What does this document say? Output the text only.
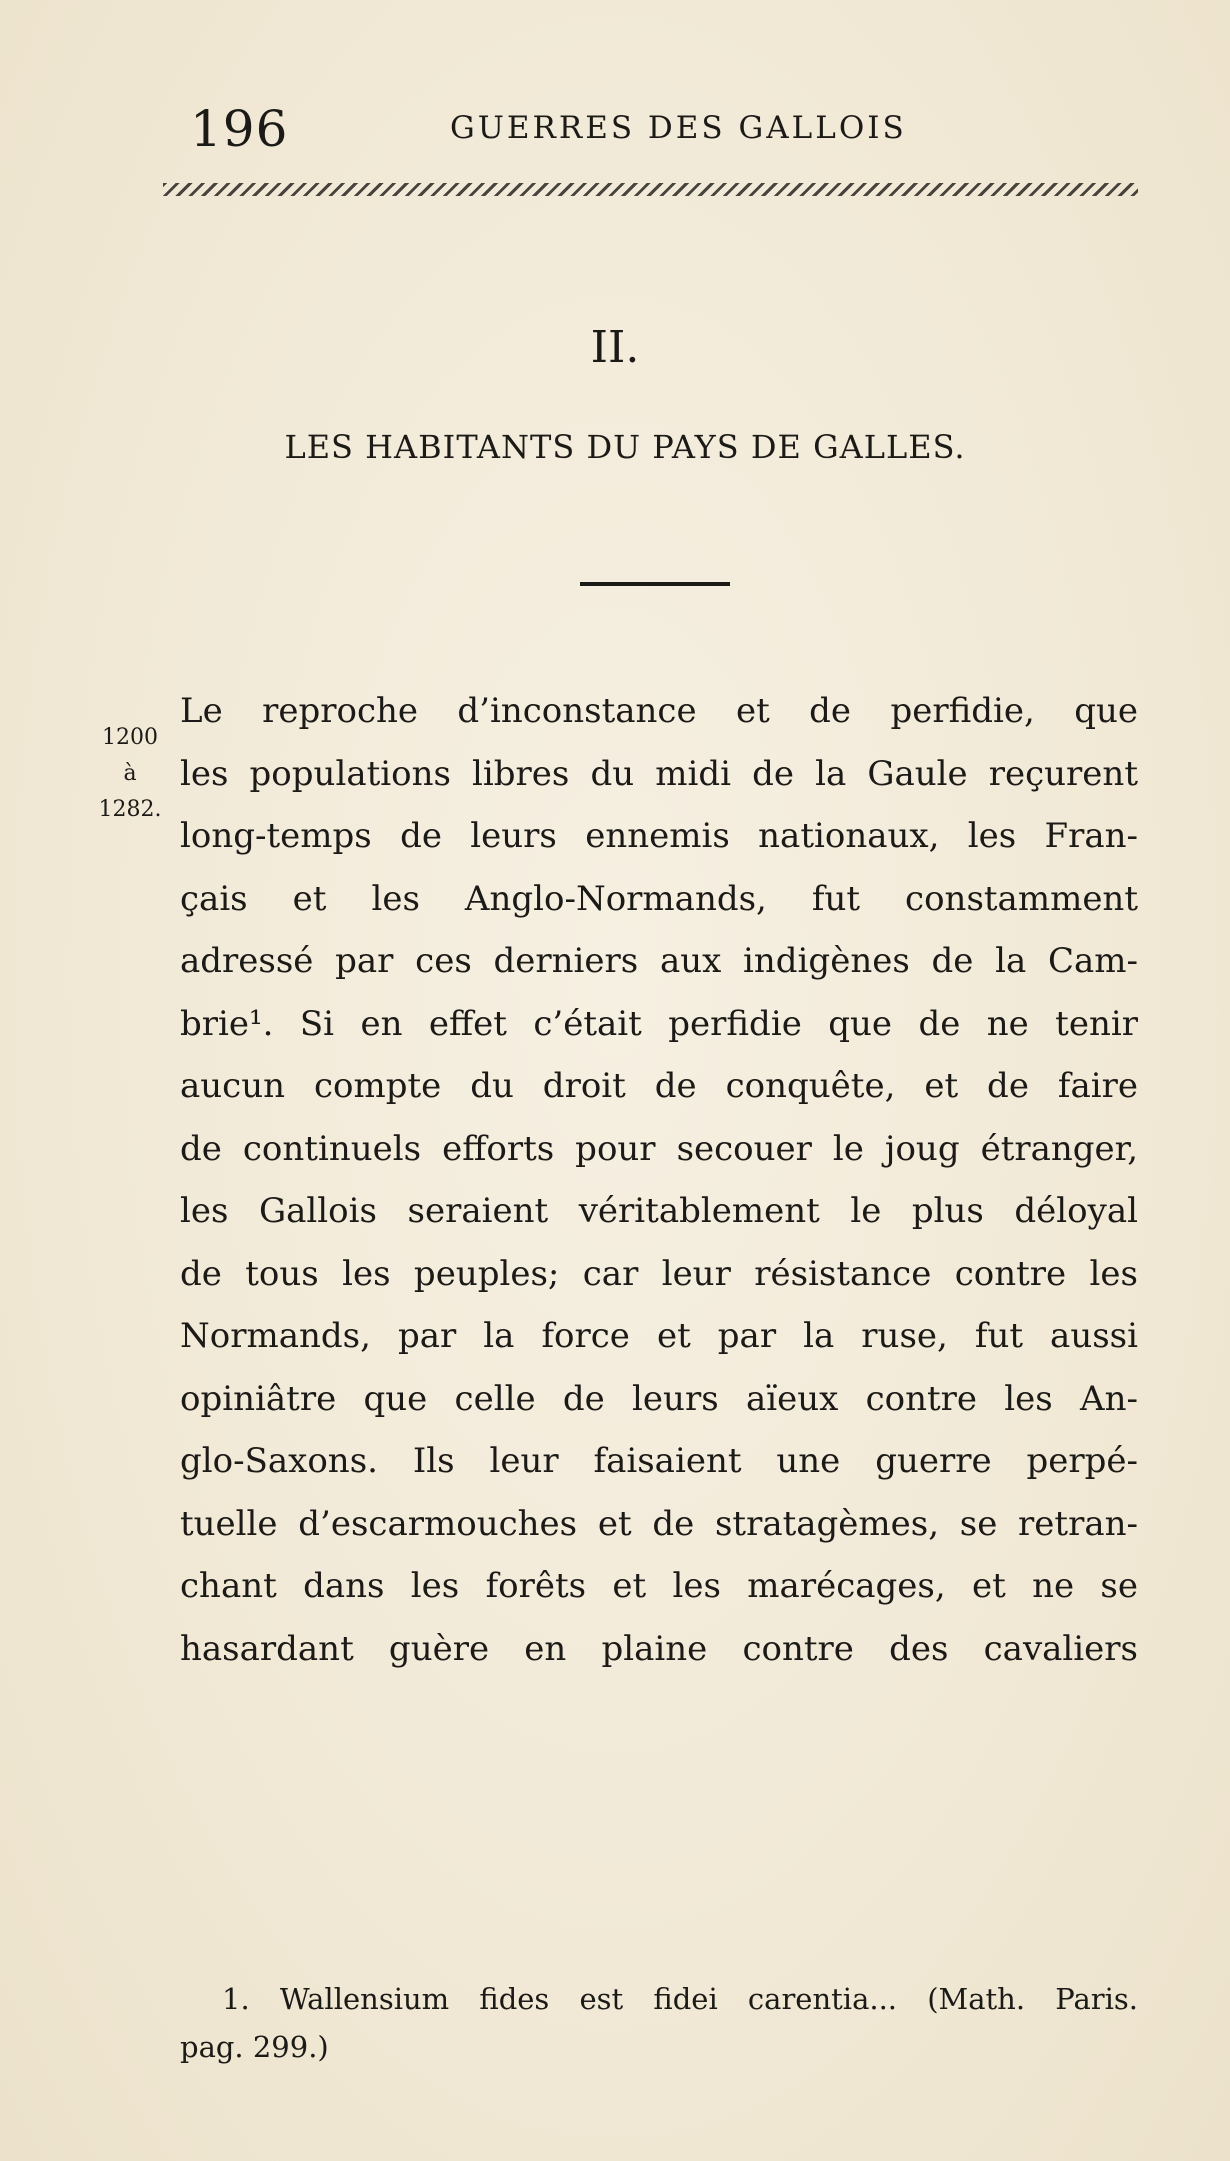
196	GUERRES DES GALLOIS
II.
LES HABITANTS DU PAYS DE GALLES.
1200
à
1282.
Le reproche d’inconstance et de perfidie, que
les populations libres du midi de la Gaule reçurent
long-temps de leurs ennemis nationaux, les Fran-
çais et les Anglo-Normands, fut constamment
adressé par ces derniers aux indigènes de la Cam-
brie¹. Si en effet c’était perfidie que de ne tenir
aucun compte du droit de conquête, et de faire
de continuels efforts pour secouer le joug étranger,
les Gallois seraient véritablement le plus déloyal
de tous les peuples; car leur résistance contre les
Normands, par la force et par la ruse, fut aussi
opiniâtre que celle de leurs aïeux contre les An-
glo-Saxons. Ils leur faisaient une guerre perpé-
tuelle d’escarmouches et de stratagèmes, se retran-
chant dans les forêts et les marécages, et ne se
hasardant guère en plaine contre des cavaliers
1. Wallensium fides est fidei carentia... (Math. Paris.
pag. 299.)
